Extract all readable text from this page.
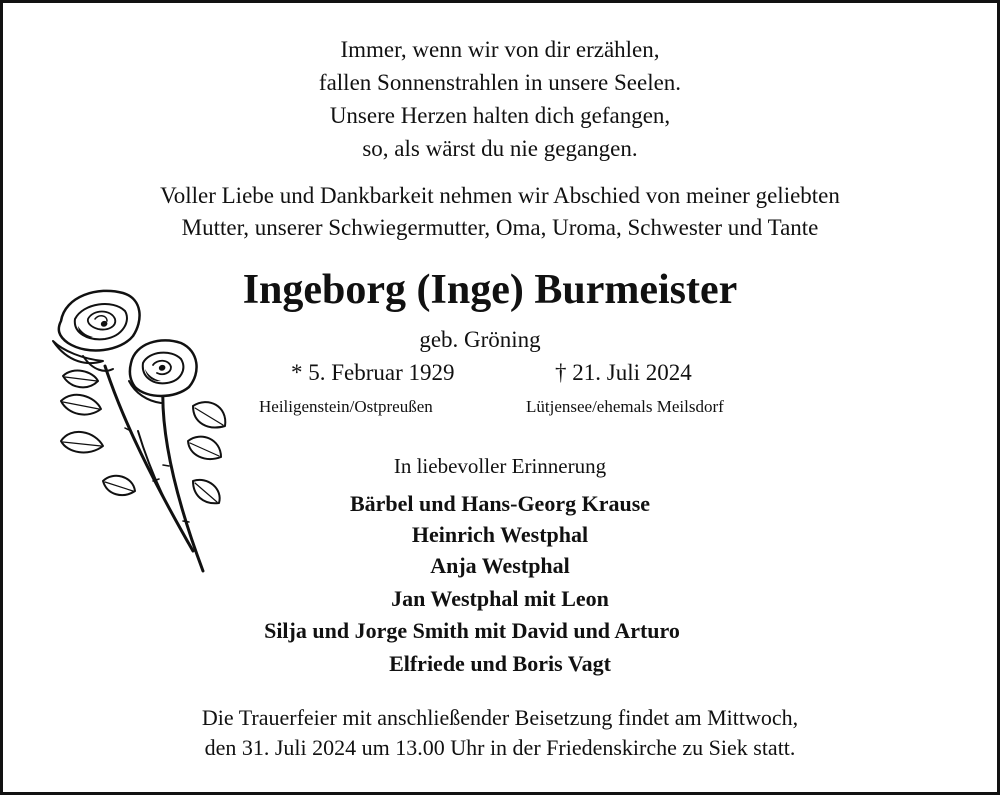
Immer, wenn wir von dir erzählen,
fallen Sonnenstrahlen in unsere Seelen.
Unsere Herzen halten dich gefangen,
so, als wärst du nie gegangen.
Voller Liebe und Dankbarkeit nehmen wir Abschied von meiner geliebten
Mutter, unserer Schwiegermutter, Oma, Uroma, Schwester und Tante
Ingeborg (Inge) Burmeister
geb. Gröning
* 5. Februar 1929	† 21. Juli 2024
Heiligenstein/Ostpreußen	Lütjensee/ehemals Meilsdorf
In liebevoller Erinnerung
Bärbel und Hans-Georg Krause
Heinrich Westphal
Anja Westphal
Jan Westphal mit Leon
Silja und Jorge Smith mit David und Arturo
Elfriede und Boris Vagt
Die Trauerfeier mit anschließender Beisetzung findet am Mittwoch,
den 31. Juli 2024 um 13.00 Uhr in der Friedenskirche zu Siek statt.
